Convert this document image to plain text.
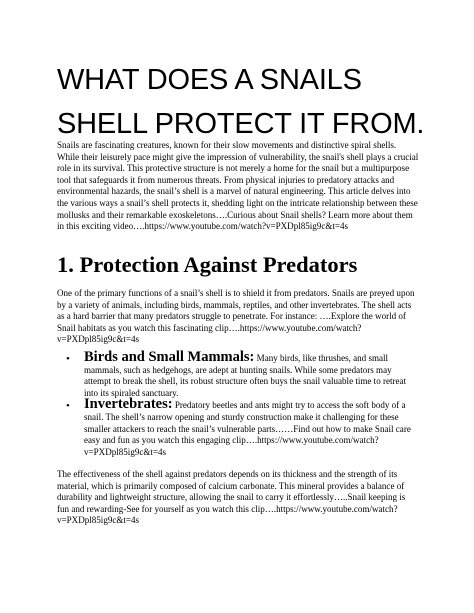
WHAT DOES A SNAILS SHELL PROTECT IT FROM.

Snails are fascinating creatures, known for their slow movements and distinctive spiral shells. While their leisurely pace might give the impression of vulnerability, the snail's shell plays a crucial role in its survival. This protective structure is not merely a home for the snail but a multipurpose tool that safeguards it from numerous threats. From physical injuries to predatory attacks and environmental hazards, the snail’s shell is a marvel of natural engineering. This article delves into the various ways a snail’s shell protects it, shedding light on the intricate relationship between these mollusks and their remarkable exoskeletons….Curious about Snail shells? Learn more about them in this exciting video….https://www.youtube.com/watch?v=PXDpl85ig9c&t=4s

1. Protection Against Predators

One of the primary functions of a snail’s shell is to shield it from predators. Snails are preyed upon by a variety of animals, including birds, mammals, reptiles, and other invertebrates. The shell acts as a hard barrier that many predators struggle to penetrate. For instance: ….Explore the world of Snail habitats as you watch this fascinating clip….https://www.youtube.com/watch?v=PXDpl85ig9c&t=4s

• Birds and Small Mammals: Many birds, like thrushes, and small mammals, such as hedgehogs, are adept at hunting snails. While some predators may attempt to break the shell, its robust structure often buys the snail valuable time to retreat into its spiraled sanctuary.
• Invertebrates: Predatory beetles and ants might try to access the soft body of a snail. The shell’s narrow opening and sturdy construction make it challenging for these smaller attackers to reach the snail’s vulnerable parts……Find out how to make Snail care easy and fun as you watch this engaging clip….https://www.youtube.com/watch?v=PXDpl85ig9c&t=4s

The effectiveness of the shell against predators depends on its thickness and the strength of its material, which is primarily composed of calcium carbonate. This mineral provides a balance of durability and lightweight structure, allowing the snail to carry it effortlessly…..Snail keeping is fun and rewarding-See for yourself as you watch this clip….https://www.youtube.com/watch?v=PXDpl85ig9c&t=4s
